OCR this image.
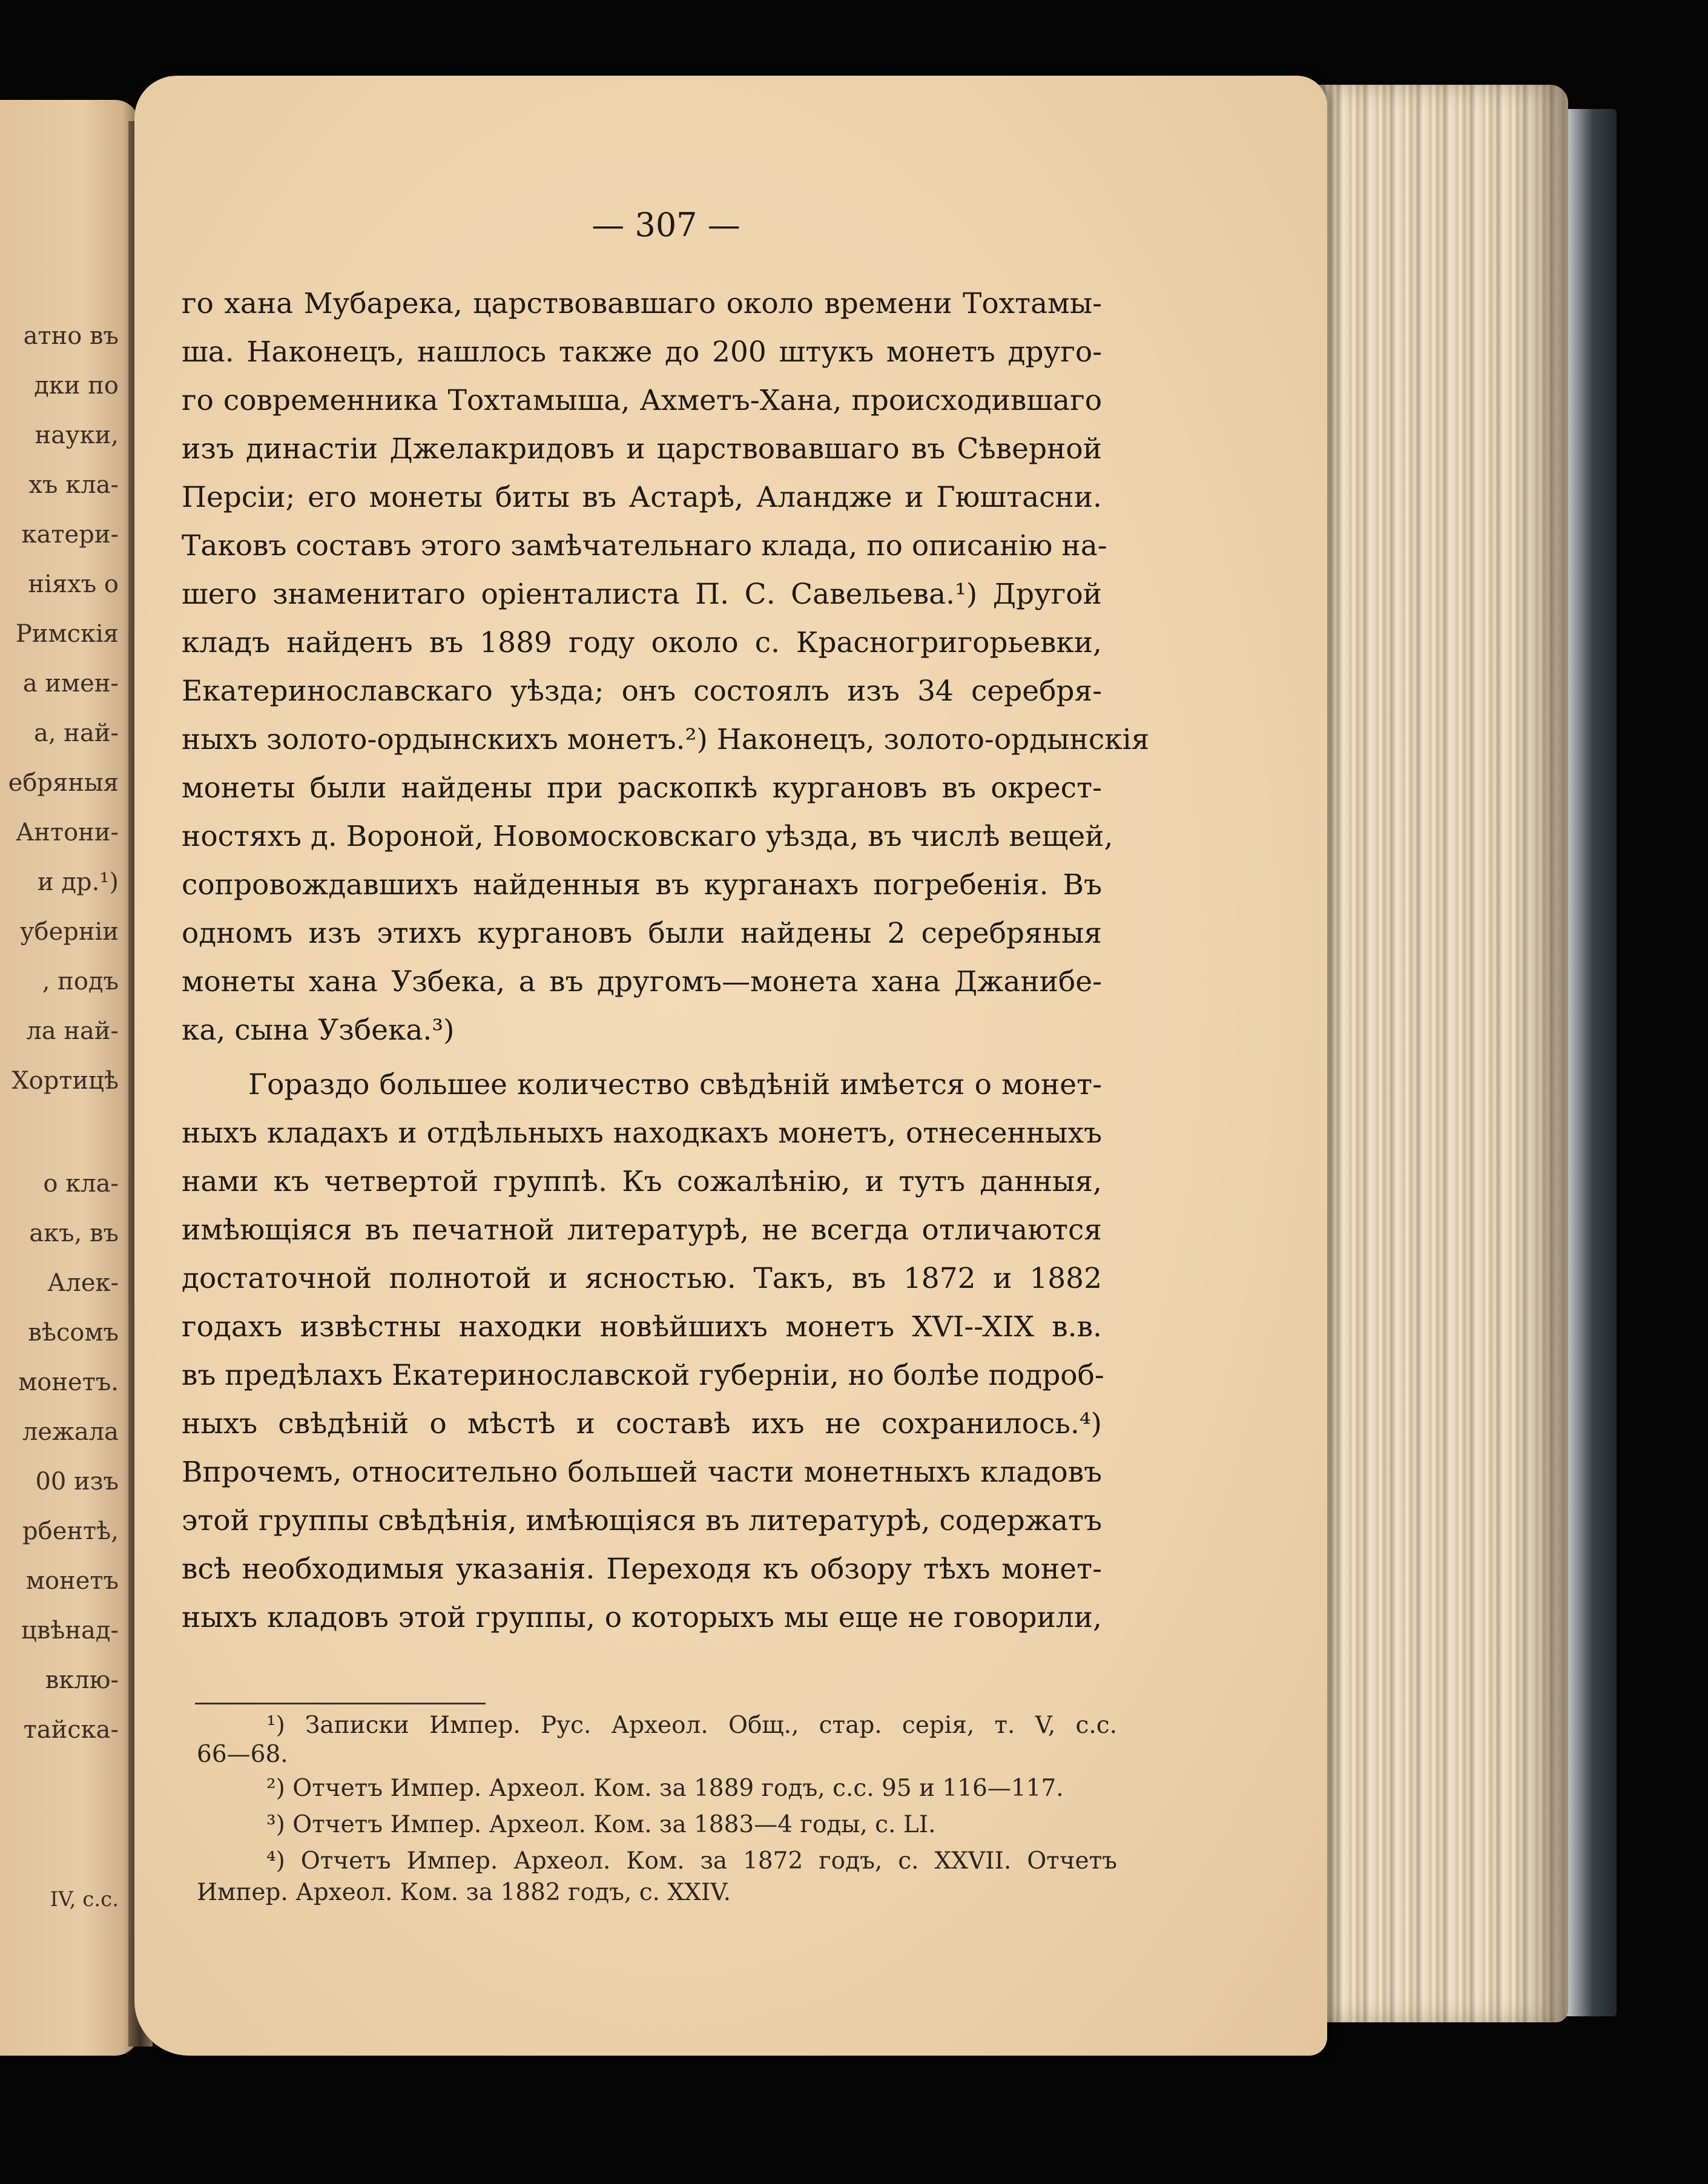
атно въ
дки по
науки,
хъ кла-
катери-
ніяхъ о
Римскія
а имен-
а, най-
ебряныя
Антони-
и др.¹)
уберніи
, подъ
ла най-
Хортицѣ
о кла-
акъ, въ
Алек-
вѣсомъ
монетъ.
лежала
00 изъ
рбентѣ,
монетъ
цвѣнад-
вклю-
тайска-
IV, с.с.
— 307 —
го хана Мубарека, царствовавшаго около времени Тохтамы-
ша. Наконецъ, нашлось также до 200 штукъ монетъ друго-
го современника Тохтамыша, Ахметъ-Хана, происходившаго
изъ династіи Джелакридовъ и царствовавшаго въ Сѣверной
Персіи; его монеты биты въ Астарѣ, Аландже и Гюштасни.
Таковъ составъ этого замѣчательнаго клада, по описанію на-
шего знаменитаго оріенталиста П. С. Савельева.¹) Другой
кладъ найденъ въ 1889 году около с. Красногригорьевки,
Екатеринославскаго уѣзда; онъ состоялъ изъ 34 серебря-
ныхъ золото-ордынскихъ монетъ.²) Наконецъ, золото-ордынскія
монеты были найдены при раскопкѣ кургановъ въ окрест-
ностяхъ д. Вороной, Новомосковскаго уѣзда, въ числѣ вещей,
сопровождавшихъ найденныя въ курганахъ погребенія. Въ
одномъ изъ этихъ кургановъ были найдены 2 серебряныя
монеты хана Узбека, а въ другомъ—монета хана Джанибе-
ка, сына Узбека.³)
Гораздо большее количество свѣдѣній имѣется о монет-
ныхъ кладахъ и отдѣльныхъ находкахъ монетъ, отнесенныхъ
нами къ четвертой группѣ. Къ сожалѣнію, и тутъ данныя,
имѣющіяся въ печатной литературѣ, не всегда отличаются
достаточной полнотой и ясностью. Такъ, въ 1872 и 1882
годахъ извѣстны находки новѣйшихъ монетъ XVI--XIX в.в.
въ предѣлахъ Екатеринославской губерніи, но болѣе подроб-
ныхъ свѣдѣній о мѣстѣ и составѣ ихъ не сохранилось.⁴)
Впрочемъ, относительно большей части монетныхъ кладовъ
этой группы свѣдѣнія, имѣющіяся въ литературѣ, содержатъ
всѣ необходимыя указанія. Переходя къ обзору тѣхъ монет-
ныхъ кладовъ этой группы, о которыхъ мы еще не говорили,
¹) Записки Импер. Рус. Археол. Общ., стар. серія, т. V, с.с.
66—68.
²) Отчетъ Импер. Археол. Ком. за 1889 годъ, с.с. 95 и 116—117.
³) Отчетъ Импер. Археол. Ком. за 1883—4 годы, с. LI.
⁴) Отчетъ Импер. Археол. Ком. за 1872 годъ, с. XXVII. Отчетъ
Импер. Археол. Ком. за 1882 годъ, с. XXIV.
